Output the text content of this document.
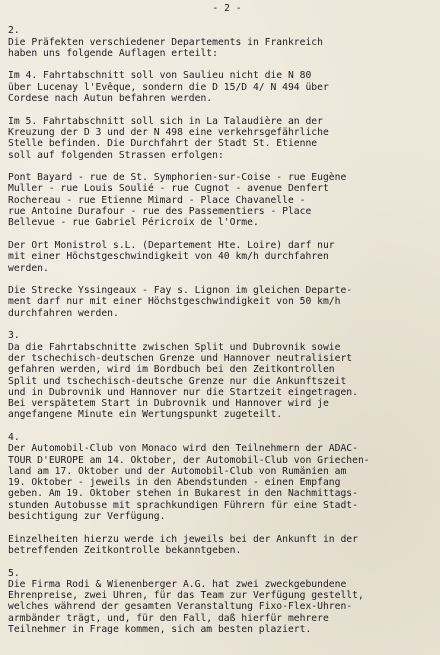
- 2 -
2.
Die Präfekten verschiedener Departements in Frankreich
haben uns folgende Auflagen erteilt:
Im 4. Fahrtabschnitt soll von Saulieu nicht die N 80
über Lucenay l'Evêque, sondern die D 15/D 4/ N 494 über
Cordese nach Autun befahren werden.
Im 5. Fahrtabschnitt soll sich in La Talaudière an der
Kreuzung der D 3 und der N 498 eine verkehrsgefährliche
Stelle befinden. Die Durchfahrt der Stadt St. Etienne
soll auf folgenden Strassen erfolgen:
Pont Bayard - rue de St. Symphorien-sur-Coise - rue Eugène
Muller - rue Louis Soulié - rue Cugnot - avenue Denfert
Rochereau - rue Etienne Mimard - Place Chavanelle -
rue Antoine Durafour - rue des Passementiers - Place
Bellevue - rue Gabriel Péricroix de l'Orme.
Der Ort Monistrol s.L. (Departement Hte. Loire) darf nur
mit einer Höchstgeschwindigkeit von 40 km/h durchfahren
werden.
Die Strecke Yssingeaux - Fay s. Lignon im gleichen Departe-
ment darf nur mit einer Höchstgeschwindigkeit von 50 km/h
durchfahren werden.
3.
Da die Fahrtabschnitte zwischen Split und Dubrovnik sowie
der tschechisch-deutschen Grenze und Hannover neutralisiert
gefahren werden, wird im Bordbuch bei den Zeitkontrollen
Split und tschechisch-deutsche Grenze nur die Ankunftszeit
und in Dubrovnik und Hannover nur die Startzeit eingetragen.
Bei verspätetem Start in Dubrovnik und Hannover wird je
angefangene Minute ein Wertungspunkt zugeteilt.
4.
Der Automobil-Club von Monaco wird den Teilnehmern der ADAC-
TOUR D'EUROPE am 14. Oktober, der Automobil-Club von Griechen-
land am 17. Oktober und der Automobil-Club von Rumänien am
19. Oktober - jeweils in den Abendstunden - einen Empfang
geben. Am 19. Oktober stehen in Bukarest in den Nachmittags-
stunden Autobusse mit sprachkundigen Führern für eine Stadt-
besichtigung zur Verfügung.
Einzelheiten hierzu werde ich jeweils bei der Ankunft in der
betreffenden Zeitkontrolle bekanntgeben.
5.
Die Firma Rodi & Wienenberger A.G. hat zwei zweckgebundene
Ehrenpreise, zwei Uhren, für das Team zur Verfügung gestellt,
welches während der gesamten Veranstaltung Fixo-Flex-Uhren-
armbänder trägt, und, für den Fall, daß hierfür mehrere
Teilnehmer in Frage kommen, sich am besten plaziert.
